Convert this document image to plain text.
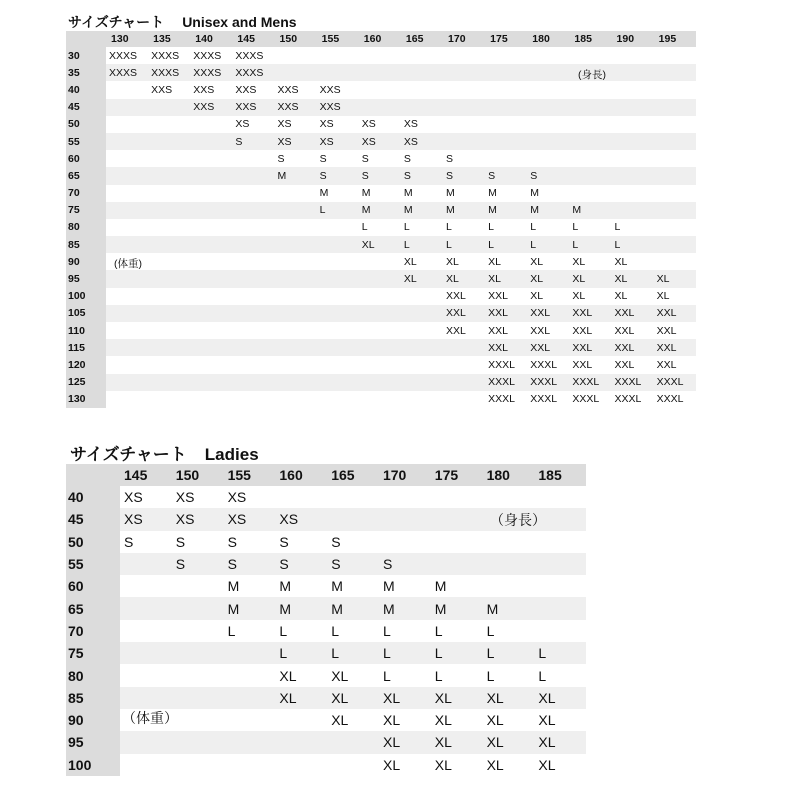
サイズチャート Unisex and Mens
	130	135	140	145	150	155	160	165	170	175	180	185	190	195
30	XXXS	XXXS	XXXS	XXXS										
35	XXXS	XXXS	XXXS	XXXS										
40		XXS	XXS	XXS	XXS	XXS								
45			XXS	XXS	XXS	XXS								
50				XS	XS	XS	XS	XS						
55				S	XS	XS	XS	XS						
60					S	S	S	S	S					
65					M	S	S	S	S	S	S			
70						M	M	M	M	M	M			
75						L	M	M	M	M	M	M		
80							L	L	L	L	L	L	L	
85							XL	L	L	L	L	L	L	
90								XL	XL	XL	XL	XL	XL	
95								XL	XL	XL	XL	XL	XL	XL
100									XXL	XXL	XL	XL	XL	XL
105									XXL	XXL	XXL	XXL	XXL	XXL
110									XXL	XXL	XXL	XXL	XXL	XXL
115										XXL	XXL	XXL	XXL	XXL
120										XXXL	XXXL	XXL	XXL	XXL
125										XXXL	XXXL	XXXL	XXXL	XXXL
130										XXXL	XXXL	XXXL	XXXL	XXXL
(身長)
(体重)
サイズチャート Ladies
	145	150	155	160	165	170	175	180	185
40	XS	XS	XS						
45	XS	XS	XS	XS					
50	S	S	S	S	S				
55		S	S	S	S	S			
60			M	M	M	M	M		
65			M	M	M	M	M	M	
70			L	L	L	L	L	L	
75				L	L	L	L	L	L
80				XL	XL	L	L	L	L
85				XL	XL	XL	XL	XL	XL
90					XL	XL	XL	XL	XL
95						XL	XL	XL	XL
100						XL	XL	XL	XL
（身長）
（体重）
